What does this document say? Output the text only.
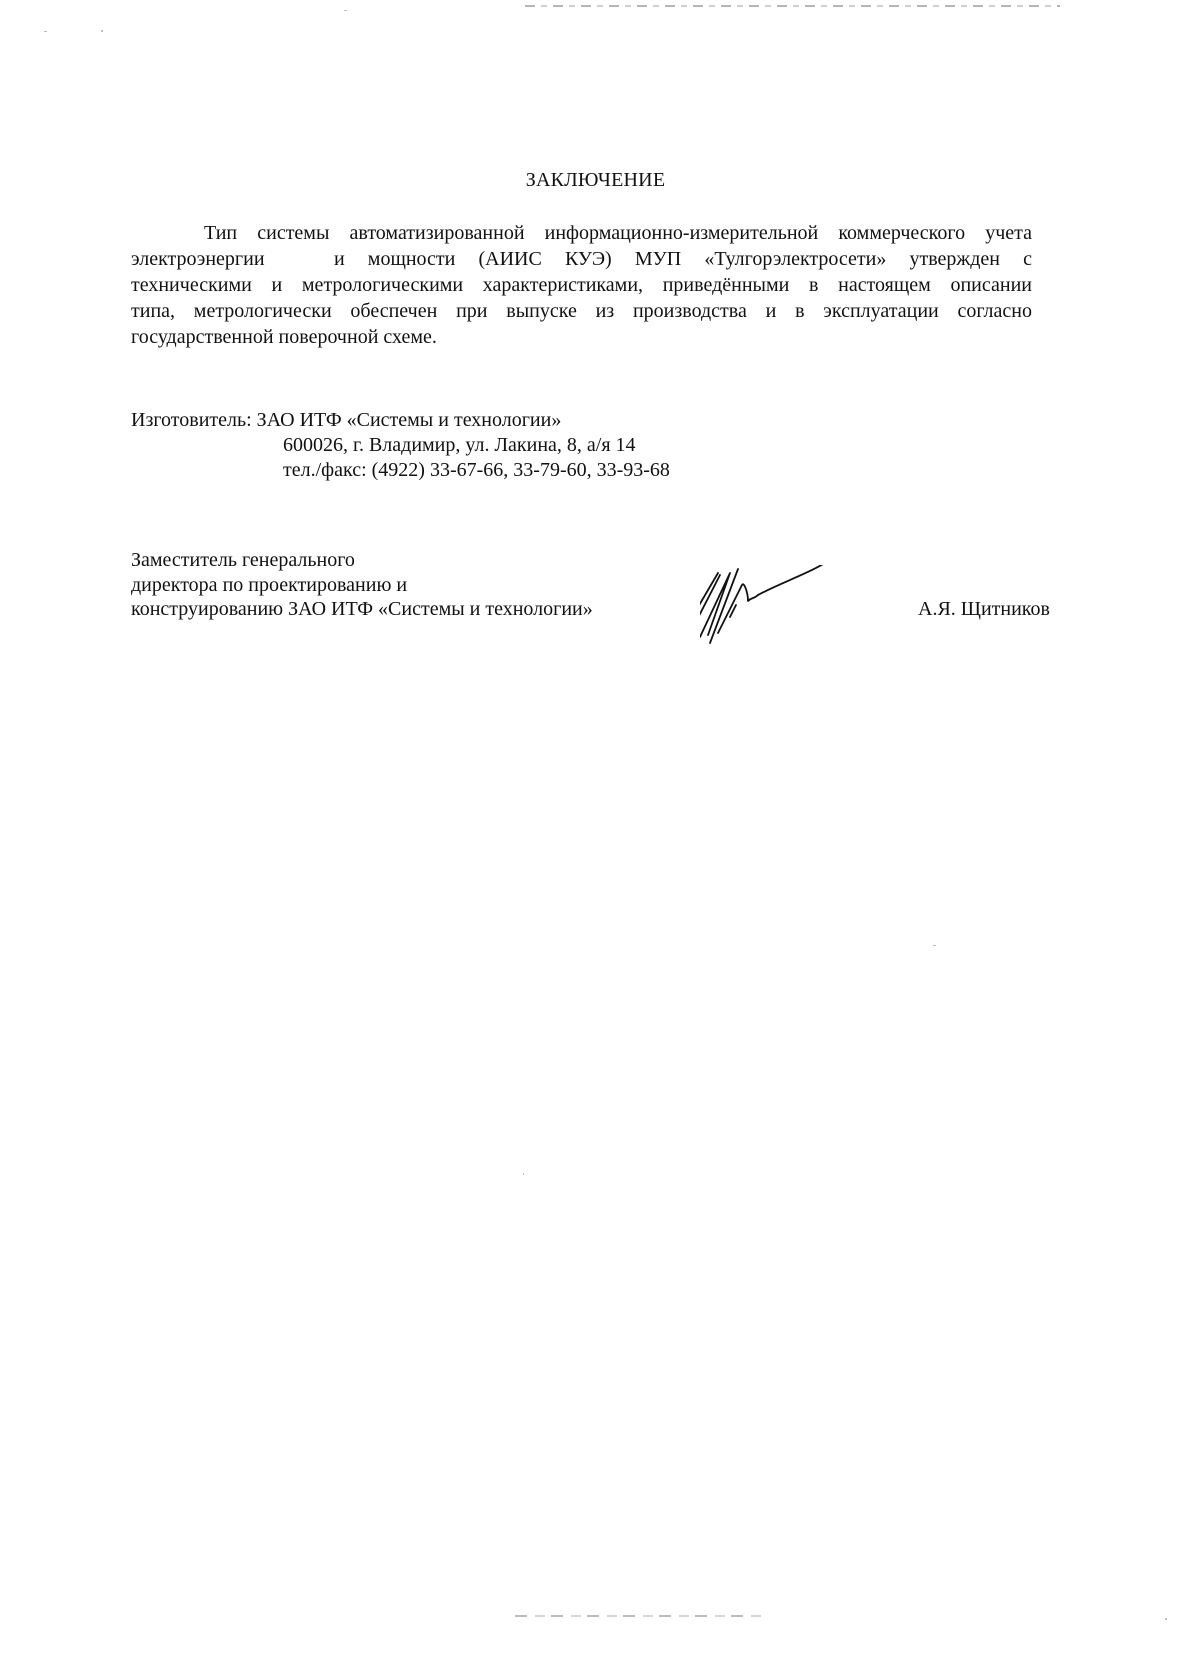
ЗАКЛЮЧЕНИЕ
Тип системы автоматизированной информационно-измерительной коммерческого учета
электроэнергии   и мощности (АИИС КУЭ) МУП «Тулгорэлектросети» утвержден с
техническими и метрологическими характеристиками, приведёнными в настоящем описании
типа, метрологически обеспечен при выпуске из производства и в эксплуатации согласно
государственной поверочной схеме.
Изготовитель: ЗАО ИТФ «Системы и технологии»
600026, г. Владимир, ул. Лакина, 8, а/я 14
тел./факс: (4922) 33-67-66, 33-79-60, 33-93-68
Заместитель генерального
директора по проектированию и
конструированию ЗАО ИТФ «Системы и технологии»	А.Я. Щитников
